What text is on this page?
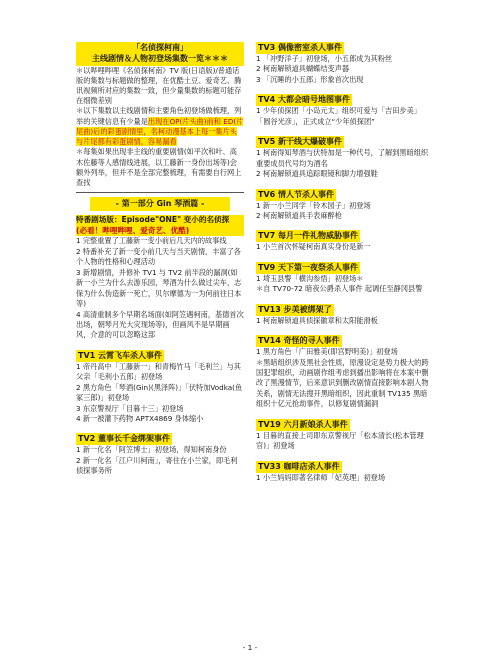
「名侦探柯南」
主线剧情＆人物初登场集数一览＊＊＊
＊以哔哩哔哩《名侦探柯南》TV 版(日语版)/普通话版的集数与标题做的整理，在优酷土豆、爱奇艺、腾讯视频所对应的集数一致，但少量集数的标题可能存在细微差别
＊以下集数以主线剧情和主要角色初登场做梳理，列举的关键信息有少量是出现在OP(片头曲)前和 ED(片尾曲)后的彩蛋剧情里，名柯动漫基本上每一集片头与片尾都有彩蛋剧情，容易漏看
＊每集如果出现非主线的重要剧情(如平次和叶、高木佐藤等人感情线进展，以工藤新一身份出场等)会额外列举，但并不是全部完整梳理，有需要自行网上查找
- 第一部分 Gin 琴酒篇 -
特番剧场版：Episode"ONE" 变小的名侦探
(必看！哔哩哔哩、爱奇艺、优酷)
1 完整重置了工藤新一变小前后几天内的故事线
2 特番补充了新一变小前几天与当天剧情，丰富了各个人物的性格和心理活动
3 新增剧情，并修补 TV1 与 TV2 前半段的漏洞(如新一小兰为什么去游乐园，琴酒为什么做过尖车，志保为什么伪造新一死亡，贝尔摩德为一为何前往日本等)
4 高清重制多个早期名场面(如阿笠遇柯南，基德首次出场，朝琴月光大灾现场等)，但画风不是早期画风，介意的可以忽略这部
TV1 云霄飞车杀人事件
1 帝丹高中「工藤新一」和青梅竹马「毛利兰」与其父亲「毛利小五郎」初登场
2 黑方角色「琴酒(Gin)(黑泽阵)」「伏特加Vodka(鱼冢三郎)」初登场
3 东京警视厅「目暮十三」初登场
4 新一被灌下药物 APTX4869 身体缩小
TV2 董事长千金绑架事件
1 新一化名「阿笠博士」初登场，得知柯南身份
2 新一化名「江户川柯南」，寄住在小兰家，即毛利侦探事务所
TV3 偶像密室杀人事件
1 「冲野洋子」初登场，小五郎成为其粉丝
2 柯南解锁道具蝴蝶结变声器
3 「沉睡的小五郎」形象首次出现
TV4 大都会暗号地图事件
1 少年侦探团「小岛元太」组织可爱与「吉田步美」「圆谷光彦」，正式成立“少年侦探团”
TV5 新干线大爆破事件
1 柯南得知琴酒与伏特加是一种代号，了解到黑暗组织重要成员代号均为酒名
2 柯南解锁道具追踪眼镜和脚力增强鞋
TV6 情人节杀人事件
1 新一小兰同学「铃木园子」初登场
2 柯南解锁道具手表麻醉枪
TV7 每月一件礼物威胁事件
1 小兰首次怀疑柯南真实身份是新一
TV9 天下第一夜祭杀人事件
1 埼玉县警「横沟参悟」初登场＊
＊自 TV70-72 暗夜公爵杀人事件 起调任至静冈县警
TV13 步美被绑架了
1 柯南解锁道具侦探徽章和太阳能滑板
TV14 奇怪的寻人事件
1 黑方角色「广田雅美(即宫野明美)」初登场
＊黑暗组织涉及黑社会性质，原漫设定是势力极大的跨国犯罪组织，动画剧作组考虑到播出影响将在本案中删改了黑漫情节，后来意识到删改剧情直接影响本剧人物关系，剧情无法搜开黑暗组织，因此重制 TV135 黑暗组织十亿元抢劫事件，以修复剧情漏洞
TV19 六月新娘杀人事件
1 目暮的直接上司即东京警视厅「松本清长(松本管理官)」初登场
TV33 咖啡店杀人事件
1 小兰妈妈即著名律师「妃英理」初登场
- 1 -
